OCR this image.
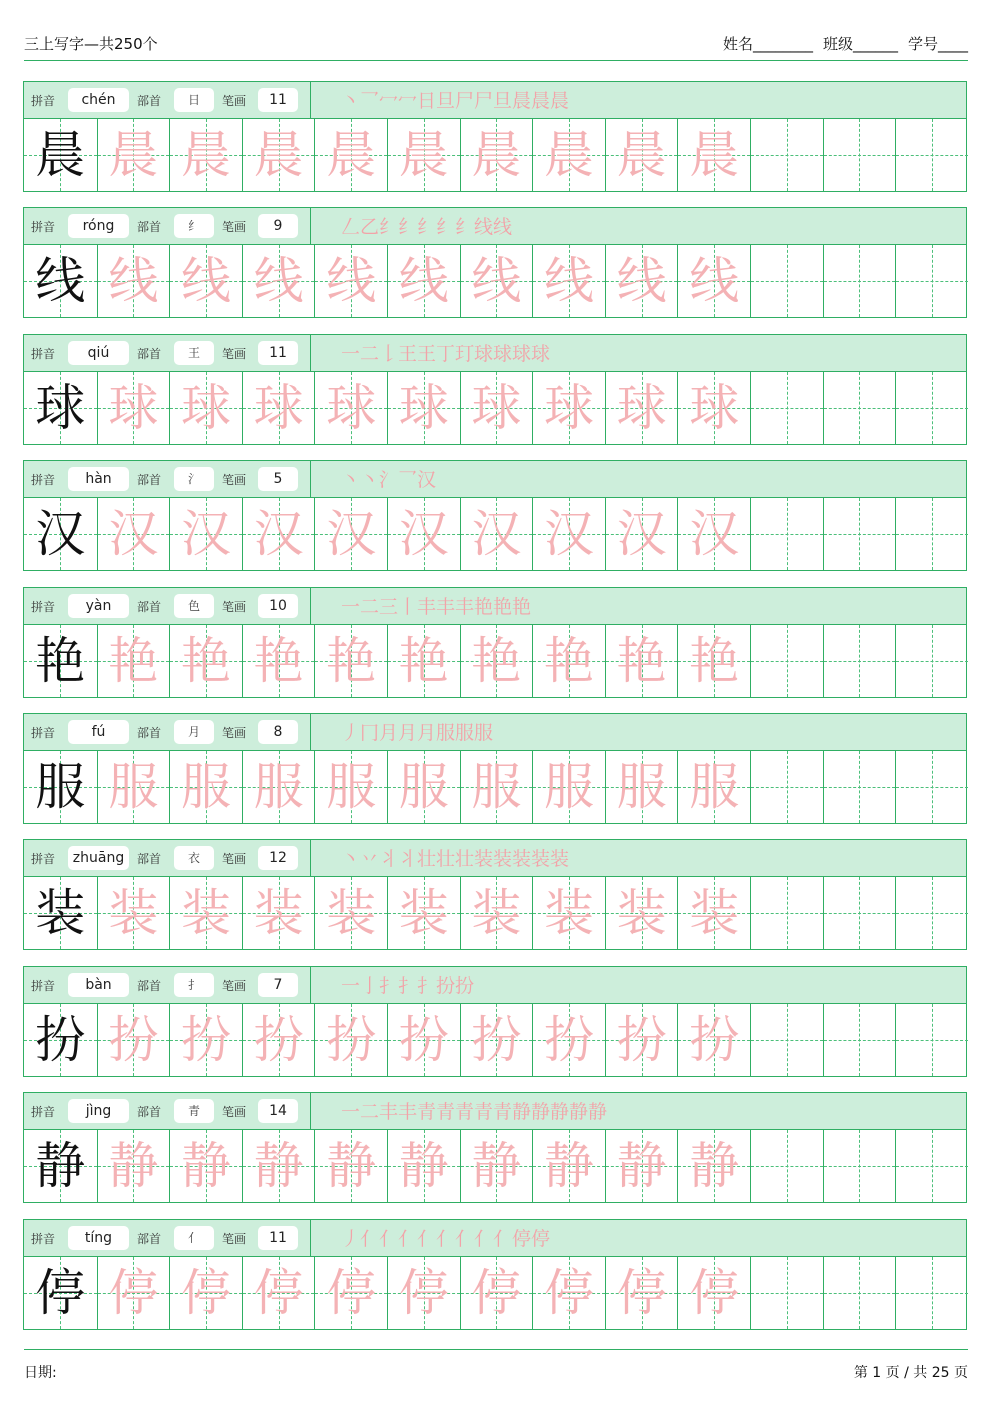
三上写字—共250个	姓名________ 班级______ 学号____
拼音	chén	部首	日	笔画	11	丶乛冖冖日旦尸尸旦晨晨晨
晨 晨 晨 晨 晨 晨 晨 晨 晨 晨
拼音	róng	部首	纟	笔画	9	𠃋乙纟纟纟纟纟线线
线 线 线 线 线 线 线 线 线 线
拼音	qiú	部首	王	笔画	11	一二𠄌王王丁玎球球球球
球 球 球 球 球 球 球 球 球 球
拼音	hàn	部首	氵	笔画	5	丶丶氵乛汉
汉 汉 汉 汉 汉 汉 汉 汉 汉 汉
拼音	yàn	部首	色	笔画	10	一二三丨丰丰丰艳艳艳
艳 艳 艳 艳 艳 艳 艳 艳 艳 艳
拼音	fú	部首	月	笔画	8	丿冂月月月服服服
服 服 服 服 服 服 服 服 服 服
拼音	zhuāng	部首	衣	笔画	12	丶丷丬丬壮壮壮装装装装装
装 装 装 装 装 装 装 装 装 装
拼音	bàn	部首	扌	笔画	7	一亅扌扌扌扮扮
扮 扮 扮 扮 扮 扮 扮 扮 扮 扮
拼音	jìng	部首	青	笔画	14	一二丰丰青青青青青静静静静静
静 静 静 静 静 静 静 静 静 静
拼音	tíng	部首	亻	笔画	11	丿亻亻亻亻亻亻亻亻停停
停 停 停 停 停 停 停 停 停 停
日期:	第 1 页 / 共 25 页
